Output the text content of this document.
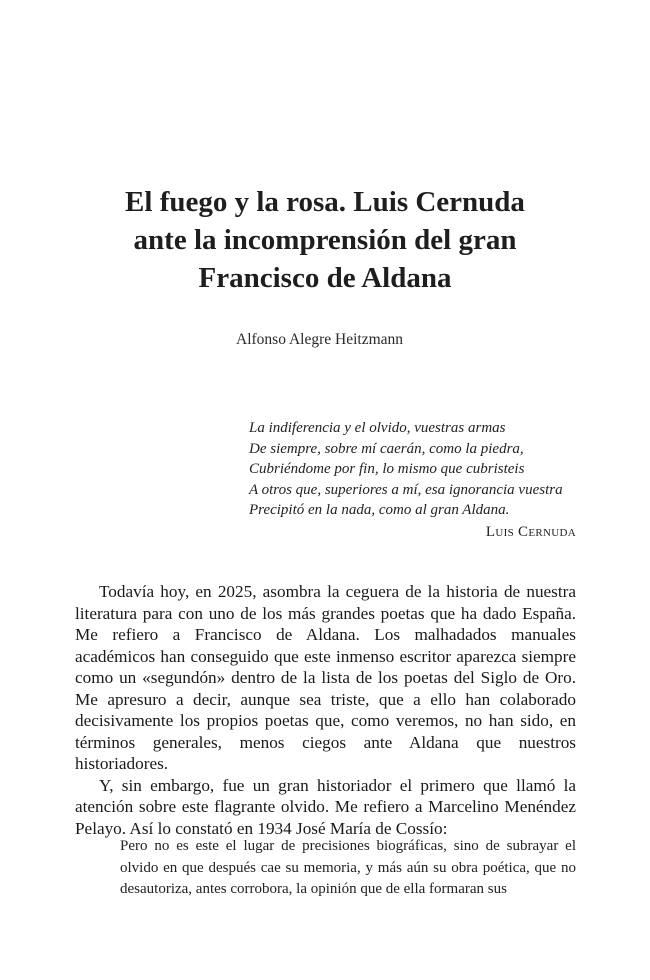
El fuego y la rosa. Luis Cernuda
ante la incomprensión del gran
Francisco de Aldana
Alfonso Alegre Heitzmann
La indiferencia y el olvido, vuestras armas
De siempre, sobre mí caerán, como la piedra,
Cubriéndome por fin, lo mismo que cubristeis
A otros que, superiores a mí, esa ignorancia vuestra
Precipitó en la nada, como al gran Aldana.
Luis Cernuda

Todavía hoy, en 2025, asombra la ceguera de la historia de nuestra literatura para con uno de los más grandes poetas que ha dado España. Me refiero a Francisco de Aldana. Los malhadados manuales académicos han conseguido que este inmenso escritor aparezca siempre como un «segundón» dentro de la lista de los poetas del Siglo de Oro. Me apresuro a decir, aunque sea triste, que a ello han colaborado decisivamente los propios poetas que, como veremos, no han sido, en términos generales, menos ciegos ante Aldana que nuestros historiadores.

Y, sin embargo, fue un gran historiador el primero que llamó la atención sobre este flagrante olvido. Me refiero a Marcelino Menéndez Pelayo. Así lo constató en 1934 José María de Cossío:

Pero no es este el lugar de precisiones biográficas, sino de subrayar el olvido en que después cae su memoria, y más aún su obra poética, que no desautoriza, antes corrobora, la opinión que de ella formaran sus
